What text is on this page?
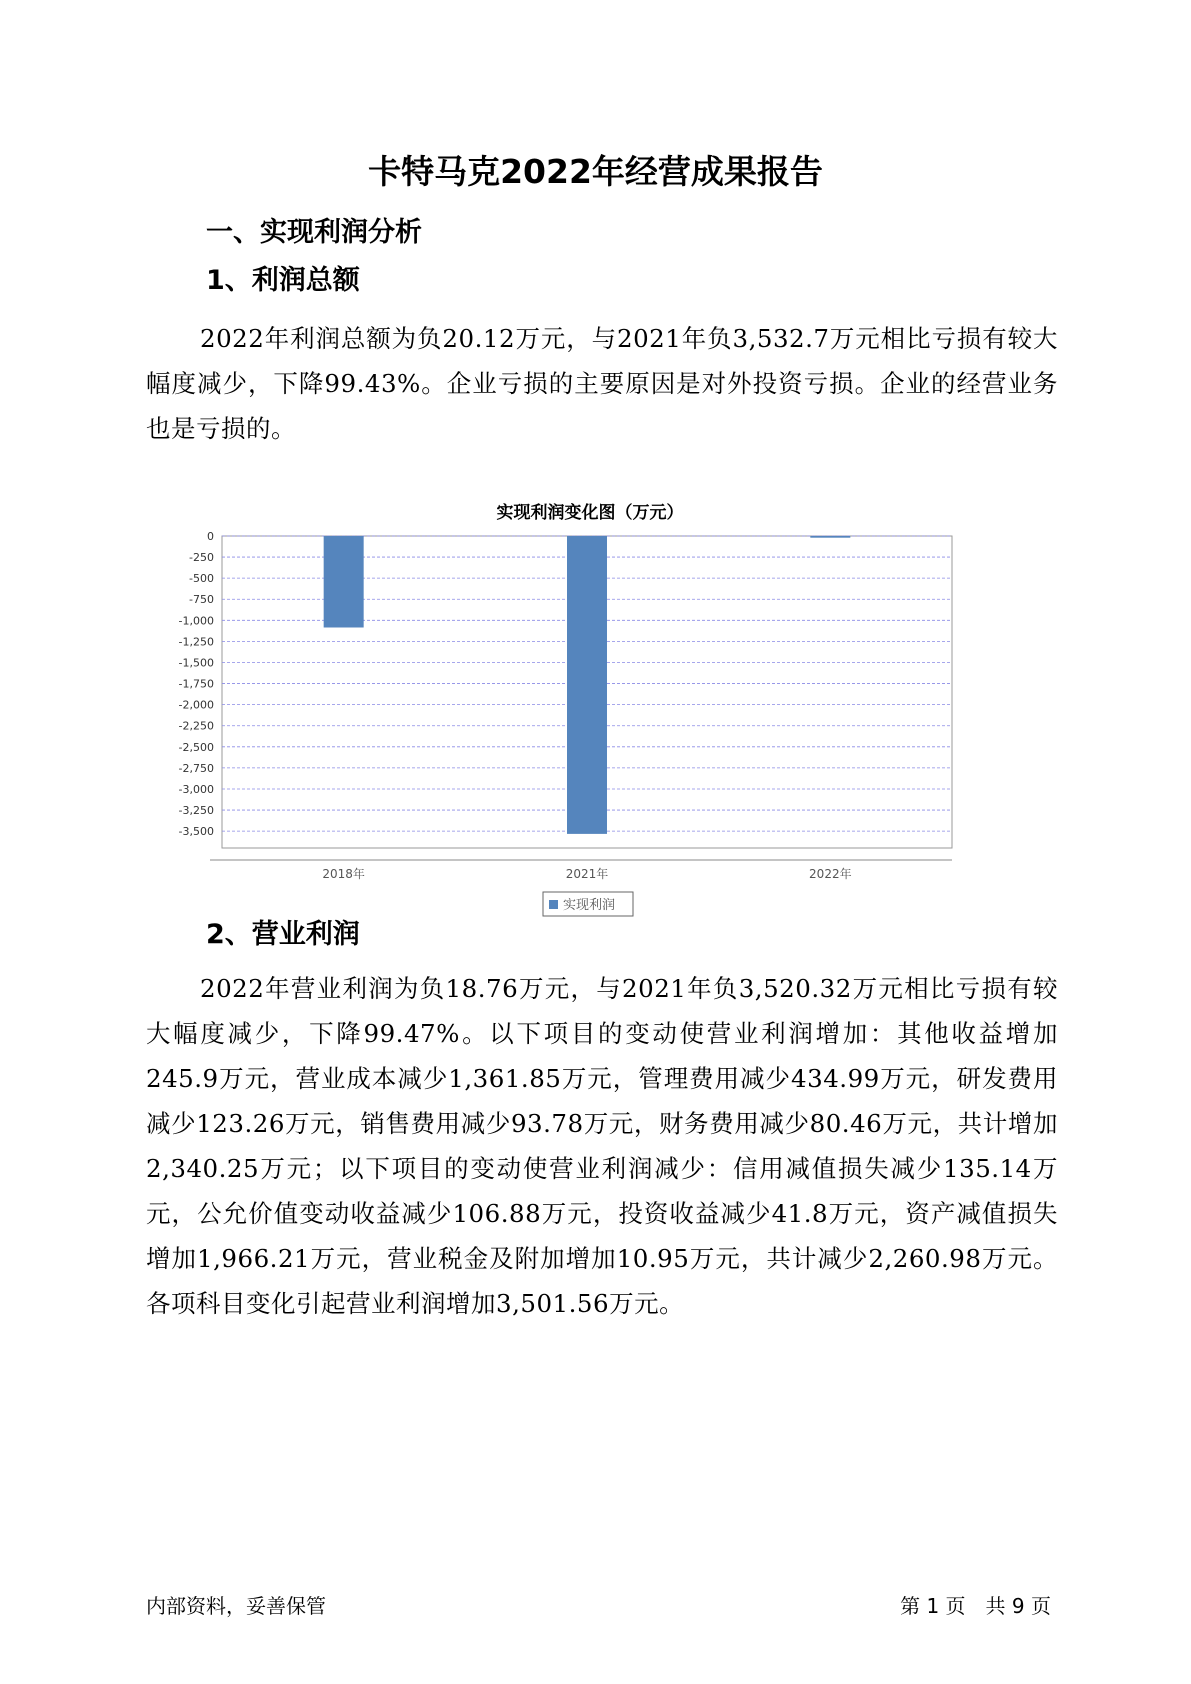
卡特马克2022年经营成果报告
一、实现利润分析
1、利润总额

2022年利润总额为负20.12万元，与2021年负3,532.7万元相比亏损有较大幅度减少，下降99.43%。企业亏损的主要原因是对外投资亏损。企业的经营业务也是亏损的。

实现利润变化图（万元）

0
-250
-500
-750
-1,000
-1,250
-1,500
-1,750
-2,000
-2,250
-2,500
-2,750
-3,000
-3,250
-3,500
2018年	2021年	2022年
实现利润
2、营业利润

2022年营业利润为负18.76万元，与2021年负3,520.32万元相比亏损有较大幅度减少，下降99.47%。以下项目的变动使营业利润增加：其他收益增加245.9万元，营业成本减少1,361.85万元，管理费用减少434.99万元，研发费用减少123.26万元，销售费用减少93.78万元，财务费用减少80.46万元，共计增加2,340.25万元；以下项目的变动使营业利润减少：信用减值损失减少135.14万元，公允价值变动收益减少106.88万元，投资收益减少41.8万元，资产减值损失增加1,966.21万元，营业税金及附加增加10.95万元，共计减少2,260.98万元。各项科目变化引起营业利润增加3,501.56万元。

内部资料，妥善保管	第 1 页　共 9 页
